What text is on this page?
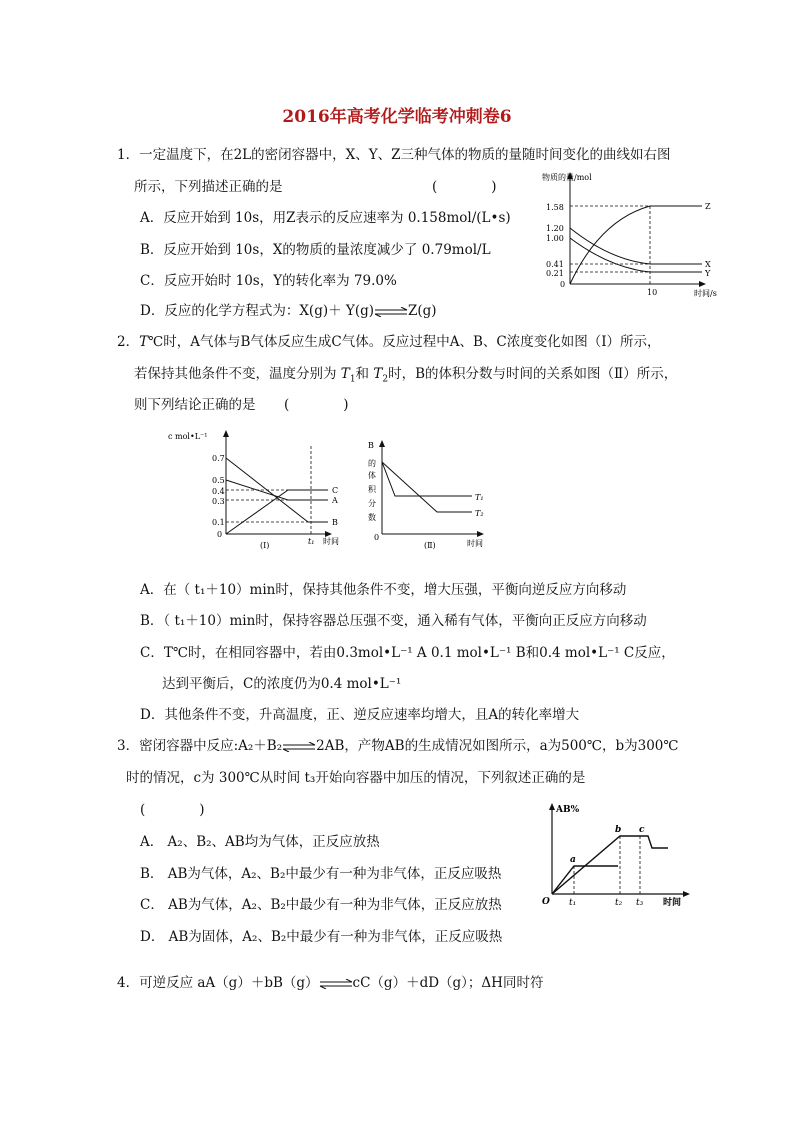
2016年高考化学临考冲刺卷6
1．一定温度下，在2L的密闭容器中，X、Y、Z三种气体的物质的量随时间变化的曲线如右图
所示，下列描述正确的是	(　　　　)
A．反应开始到 10s，用Z表示的反应速率为 0.158mol/(L•s)
B．反应开始到 10s，X的物质的量浓度减少了 0.79mol/L
C．反应开始时 10s，Y的转化率为 79.0%
D．反应的化学方程式为：X(g)＋ Y(g)⇌Z(g)
物质的量/mol
时间/s
1.58
1.20
1.00
0.41
0.21
0
10
Z
X
Y
2．T℃时，A气体与B气体反应生成C气体。反应过程中A、B、C浓度变化如图（Ⅰ）所示，
若保持其他条件不变，温度分别为 $T_1$和 $T_2$时，B的体积分数与时间的关系如图（Ⅱ）所示，
则下列结论正确的是 (　　　　)
c mol•L⁻¹
0.7
0.5
0.4
0.3
0.1
0
C
A
B
t₁ 时间
(Ⅰ)
B
的
体
积
分
数
0
T₁
T₂
时间
(Ⅱ)
A．在（ t₁＋10）min时，保持其他条件不变，增大压强，平衡向逆反应方向移动
B．（ t₁＋10）min时，保持容器总压强不变，通入稀有气体，平衡向正反应方向移动
C．T℃时，在相同容器中，若由0.3mol•L⁻¹ A 0.1 mol•L⁻¹ B和0.4 mol•L⁻¹ C反应，
达到平衡后，C的浓度仍为0.4 mol•L⁻¹
D．其他条件不变，升高温度，正、逆反应速率均增大，且A的转化率增大
3．密闭容器中反应:A₂＋B₂⇌2AB，产物AB的生成情况如图所示，a为500℃，b为300℃
时的情况，c为 300℃从时间 t₃开始向容器中加压的情况，下列叙述正确的是
(　　　　)
A． A₂、B₂、AB均为气体，正反应放热
B． AB为气体，A₂、B₂中最少有一种为非气体，正反应吸热
C． AB为气体，A₂、B₂中最少有一种为非气体，正反应放热
D． AB为固体，A₂、B₂中最少有一种为非气体，正反应吸热
AB%
O
a
b c
t₁	t₂ t₃ 时间
4．可逆反应 aA（g）＋bB（g）⇌cC（g）＋dD（g）；ΔH同时符
